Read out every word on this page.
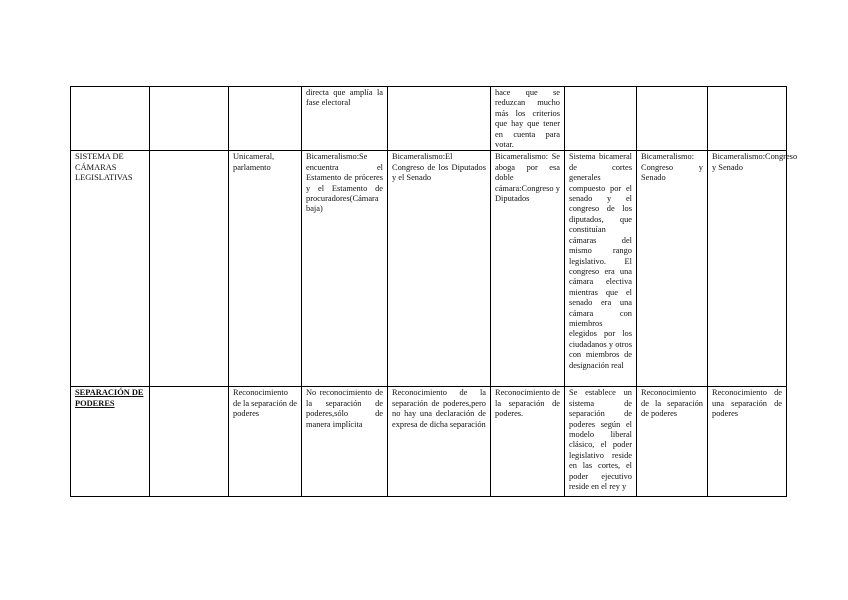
			directa que amplía la fase electoral		hace que se reduzcan mucho más los criterios que hay que tener en cuenta para votar.			

SISTEMA DE CÁMARAS LEGISLATIVAS		Unicameral, parlamento	Bicameralismo:Se encuentra el Estamento de próceres y el Estamento de procuradores(Cámara baja)	Bicameralismo:El Congreso de los Diputados y el Senado	Bicameralismo: Se aboga por esa doble cámara:Congreso y Diputados	Sistema bicameral de cortes generales compuesto por el senado y el congreso de los diputados, que constituían cámaras del mismo rango legislativo. El congreso era una cámara electiva mientras que el senado era una cámara con miembros elegidos por los ciudadanos y otros con miembros de designación real	Bicameralismo: Congreso y Senado	Bicameralismo:Congreso y Senado

SEPARACIÓN DE PODERES		Reconocimiento de la separación de poderes	No reconocimiento de la separación de poderes,sólo de manera implícita	Reconocimiento de la separación de poderes,pero no hay una declaración de expresa de dicha separación	Reconocimiento de la separación de poderes.	Se establece un sistema de separación de poderes según el modelo liberal clásico, el poder legislativo reside en las cortes, el poder ejecutivo reside en el rey y	Reconocimiento de la separación de poderes	Reconocimiento de una separación de poderes
